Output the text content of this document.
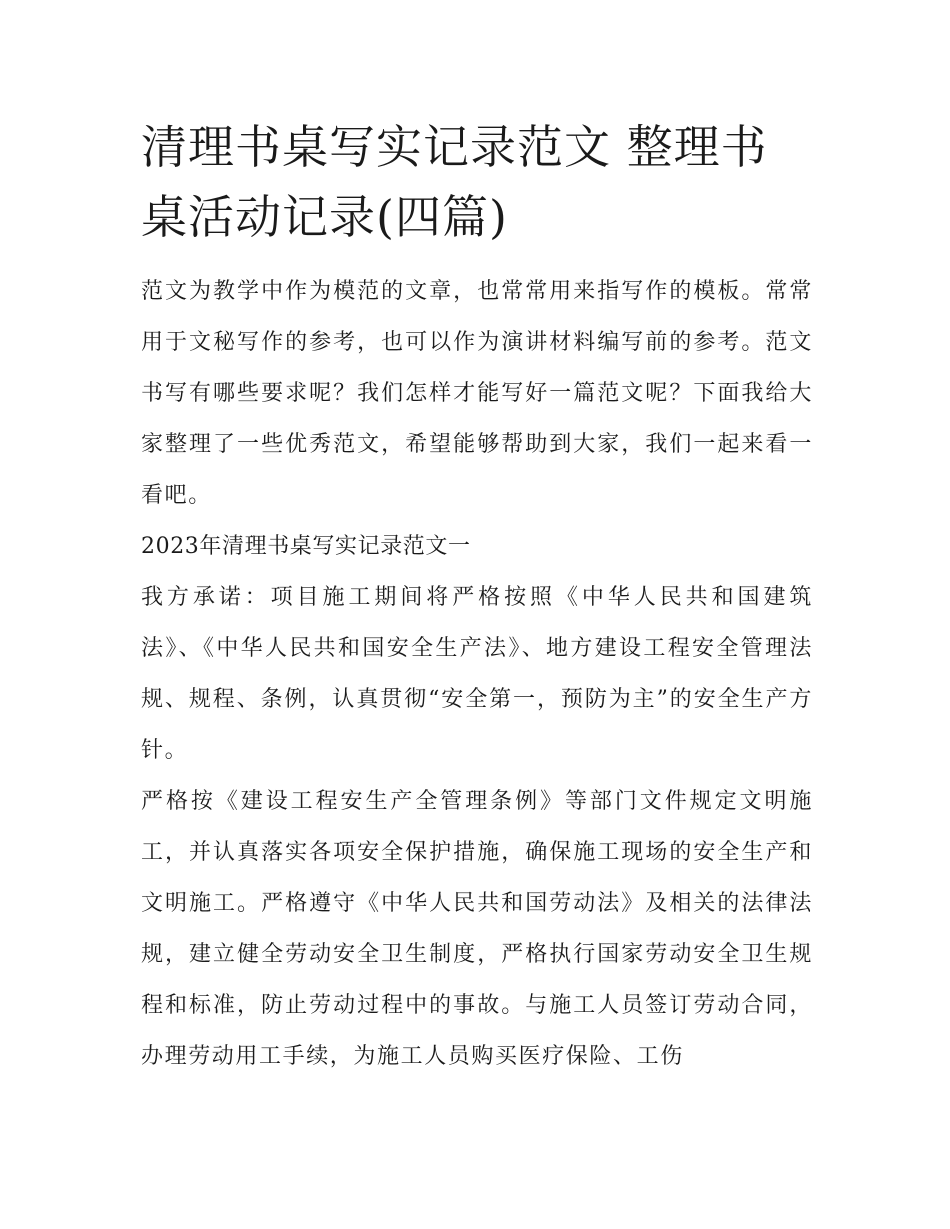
清理书桌写实记录范文 整理书桌活动记录(四篇)

范文为教学中作为模范的文章，也常常用来指写作的模板。常常用于文秘写作的参考，也可以作为演讲材料编写前的参考。范文书写有哪些要求呢？我们怎样才能写好一篇范文呢？下面我给大家整理了一些优秀范文，希望能够帮助到大家，我们一起来看一看吧。

2023年清理书桌写实记录范文一

我方承诺：项目施工期间将严格按照《中华人民共和国建筑法》、《中华人民共和国安全生产法》、地方建设工程安全管理法规、规程、条例，认真贯彻“安全第一，预防为主”的安全生产方针。

严格按《建设工程安生产全管理条例》等部门文件规定文明施工，并认真落实各项安全保护措施，确保施工现场的安全生产和文明施工。严格遵守《中华人民共和国劳动法》及相关的法律法规，建立健全劳动安全卫生制度，严格执行国家劳动安全卫生规程和标准，防止劳动过程中的事故。与施工人员签订劳动合同，办理劳动用工手续，为施工人员购买医疗保险、工伤
